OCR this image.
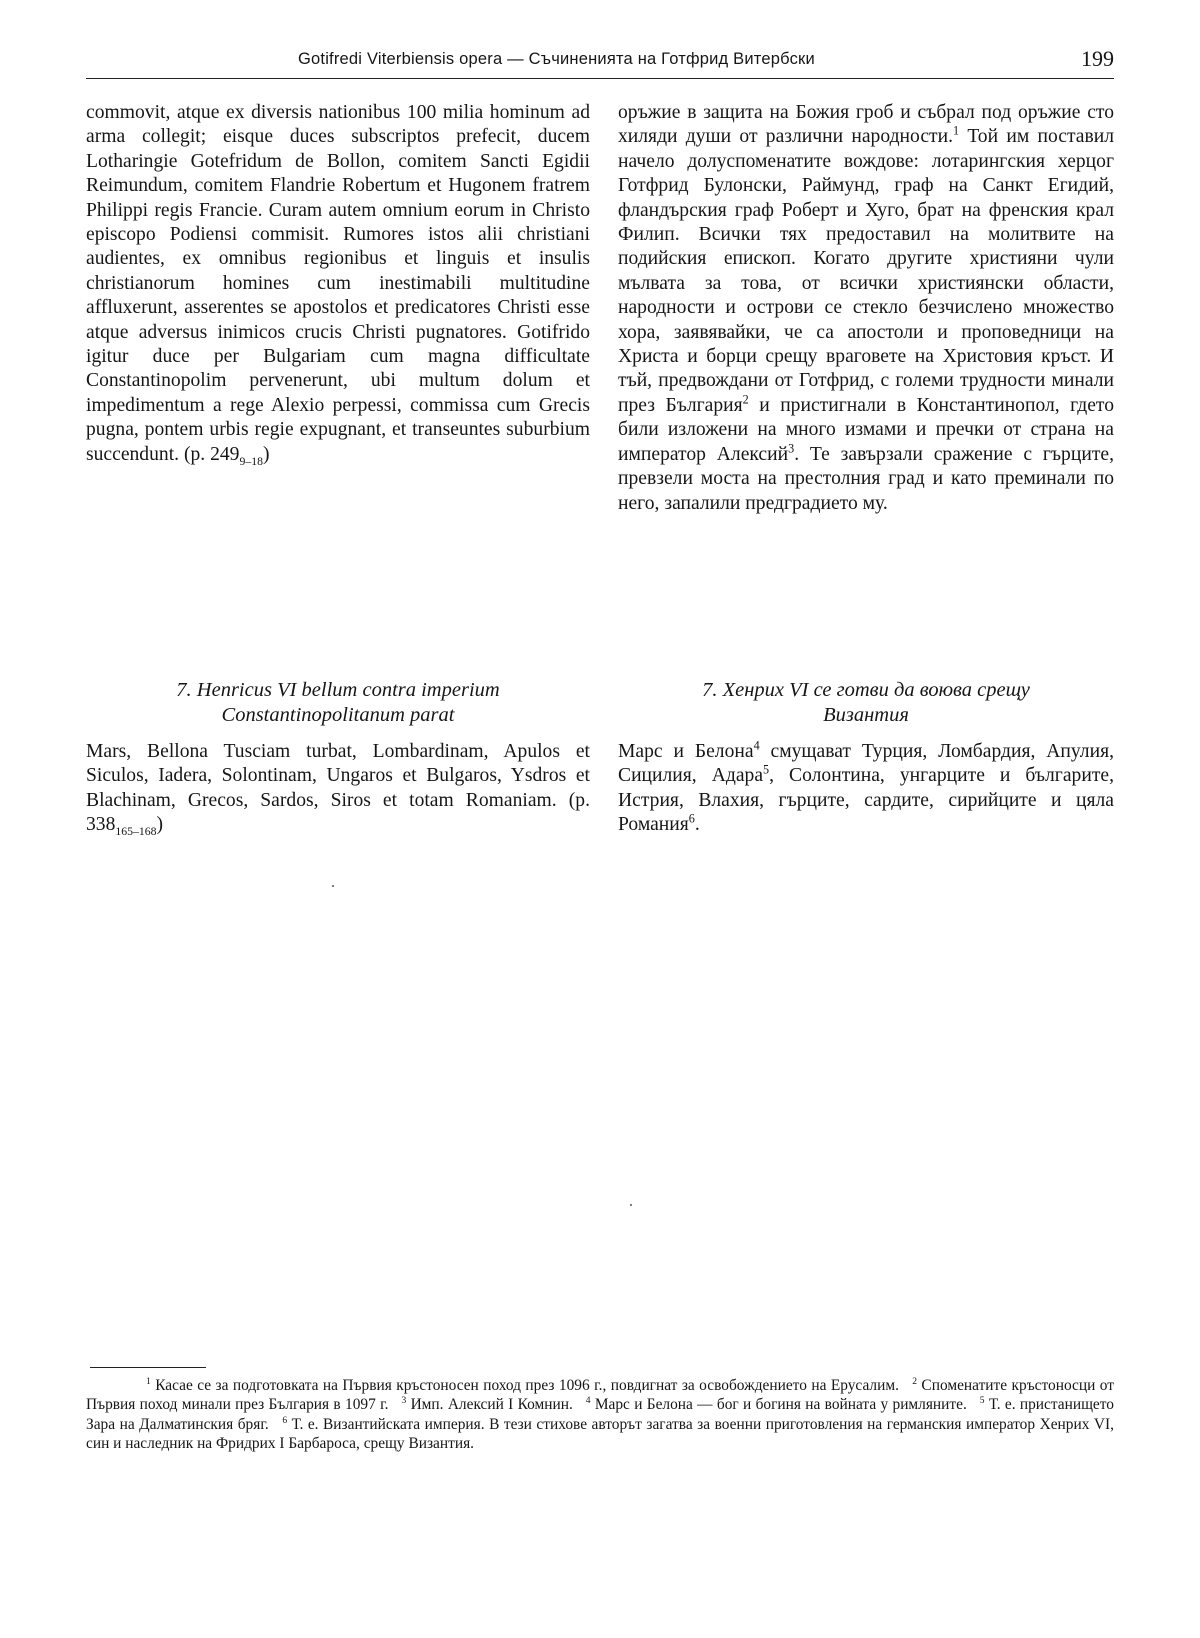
Gotifredi Viterbiensis opera — Съчиненията на Готфрид Витербски	199

commovit, atque ex diversis nationibus 100 milia hominum ad arma collegit; eisque duces subscriptos prefecit, ducem Lotharingie Gotefridum de Bollon, comitem Sancti Egidii Reimundum, comitem Flandrie Robertum et Hugonem fratrem Philippi regis Francie. Curam autem omnium eorum in Christo episcopo Podiensi commisit. Rumores istos alii christiani audientes, ex omnibus regionibus et linguis et insulis christianorum homines cum inestimabili multitudine affluxerunt, asserentes se apostolos et predicatores Christi esse atque adversus inimicos crucis Christi pugnatores. Gotifrido igitur duce per Bulgariam cum magna difficultate Constantinopolim pervenerunt, ubi multum dolum et impedimentum a rege Alexio perpessi, commissa cum Grecis pugna, pontem urbis regie expugnant, et transeuntes suburbium succendunt. (p. $249_{9-18}$)

оръжие в защита на Божия гроб и събрал под оръжие сто хиляди души от различни народности.$^1$ Той им поставил начело долуспоменатите вождове: лотарингския херцог Готфрид Булонски, Раймунд, граф на Санкт Егидий, фландърския граф Роберт и Хуго, брат на френския крал Филип. Всички тях предоставил на молитвите на подийския епископ. Когато другите християни чули мълвата за това, от всички християнски области, народности и острови се стекло безчислено множество хора, заявявайки, че са апостоли и проповедници на Христа и борци срещу враговете на Христовия кръст. И тъй, предвождани от Готфрид, с големи трудности минали през България$^2$ и пристигнали в Константинопол, гдето били изложени на много измами и пречки от страна на император Алексий$^3$. Те завързали сражение с гърците, превзели моста на престолния град и като преминали по него, запалили предградието му.

7. Henricus VI bellum contra imperium
Constantinopolitanum parat
7. Хенрих VI се готви да воюва срещу
Византия

Mars, Bellona Tusciam turbat, Lombardinam, Apulos et Siculos, Iadera, Solontinam, Ungaros et Bulgaros, Ysdros et Blachinam, Grecos, Sardos, Siros et totam Romaniam. (p. $338_{165-168}$)

Марс и Белона$^4$ смущават Турция, Ломбардия, Апулия, Сицилия, Адара$^5$, Солонтина, унгарците и българите, Истрия, Влахия, гърците, сардите, сирийците и цяла Романия$^6$.

$^1$ Касае се за подготовката на Първия кръстоносен поход през 1096 г., повдигнат за освобождението на Ерусалим. $^2$ Споменатите кръстоносци от Първия поход минали през България в 1097 г. $^3$ Имп. Алексий I Комнин. $^4$ Марс и Белона — бог и богиня на войната у римляните. $^5$ Т. е. пристанището Зара на Далматинския бряг. $^6$ Т. е. Византийската империя. В тези стихове авторът загатва за военни приготовления на германския император Хенрих VI, син и наследник на Фридрих I Барбароса, срещу Византия.
